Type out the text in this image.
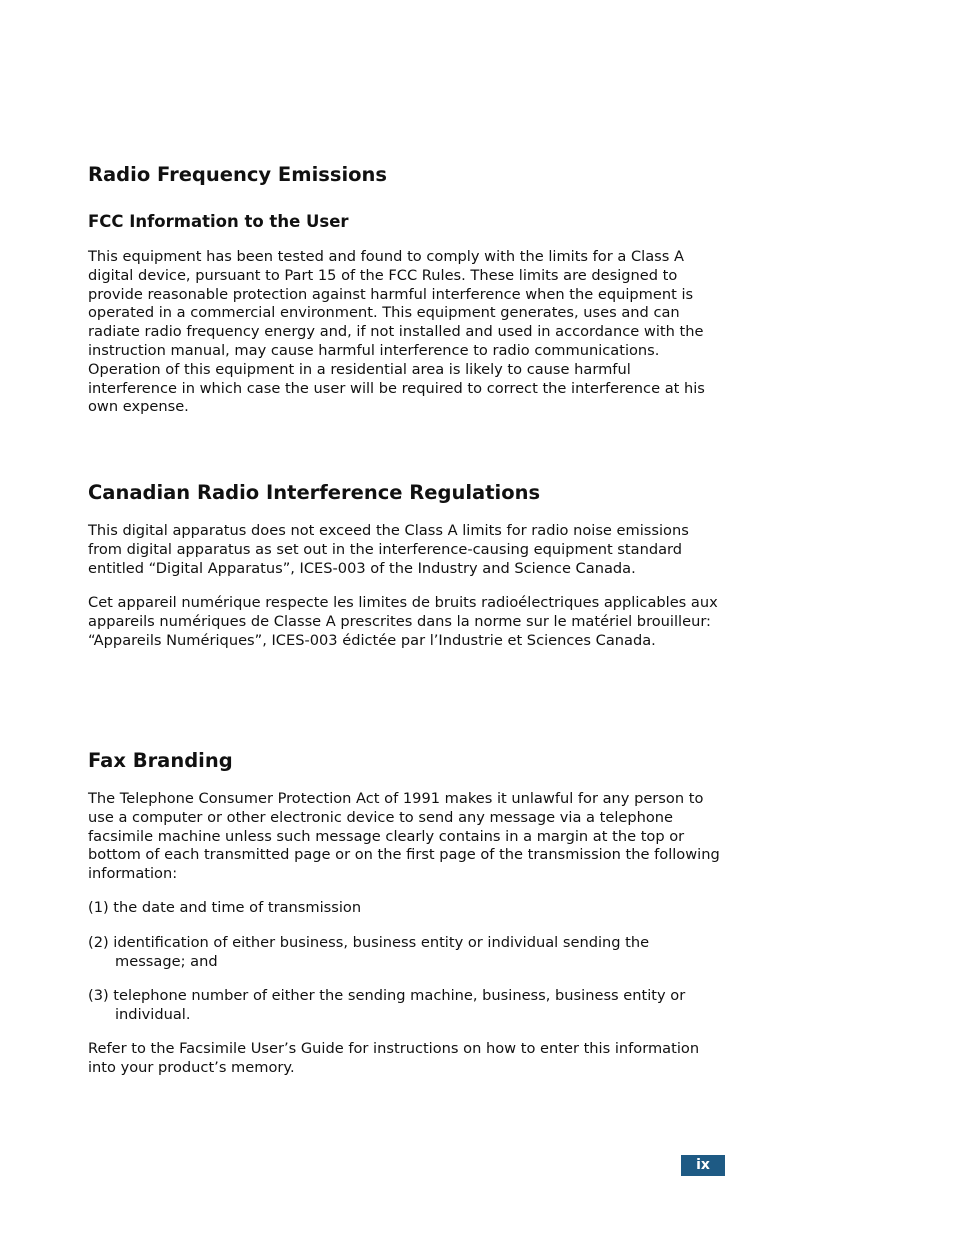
Radio Frequency Emissions
FCC Information to the User

This equipment has been tested and found to comply with the limits for a Class A
digital device, pursuant to Part 15 of the FCC Rules. These limits are designed to
provide reasonable protection against harmful interference when the equipment is
operated in a commercial environment. This equipment generates, uses and can
radiate radio frequency energy and, if not installed and used in accordance with the
instruction manual, may cause harmful interference to radio communications.
Operation of this equipment in a residential area is likely to cause harmful
interference in which case the user will be required to correct the interference at his
own expense.

Canadian Radio Interference Regulations

This digital apparatus does not exceed the Class A limits for radio noise emissions
from digital apparatus as set out in the interference-causing equipment standard
entitled “Digital Apparatus”, ICES-003 of the Industry and Science Canada.

Cet appareil numérique respecte les limites de bruits radioélectriques applicables aux
appareils numériques de Classe A prescrites dans la norme sur le matériel brouilleur:
“Appareils Numériques”, ICES-003 édictée par l’Industrie et Sciences Canada.

Fax Branding

The Telephone Consumer Protection Act of 1991 makes it unlawful for any person to
use a computer or other electronic device to send any message via a telephone
facsimile machine unless such message clearly contains in a margin at the top or
bottom of each transmitted page or on the first page of the transmission the following
information:

(1) the date and time of transmission

(2) identification of either business, business entity or individual sending the
message; and

(3) telephone number of either the sending machine, business, business entity or
individual.

Refer to the Facsimile User’s Guide for instructions on how to enter this information
into your product’s memory.

ix
